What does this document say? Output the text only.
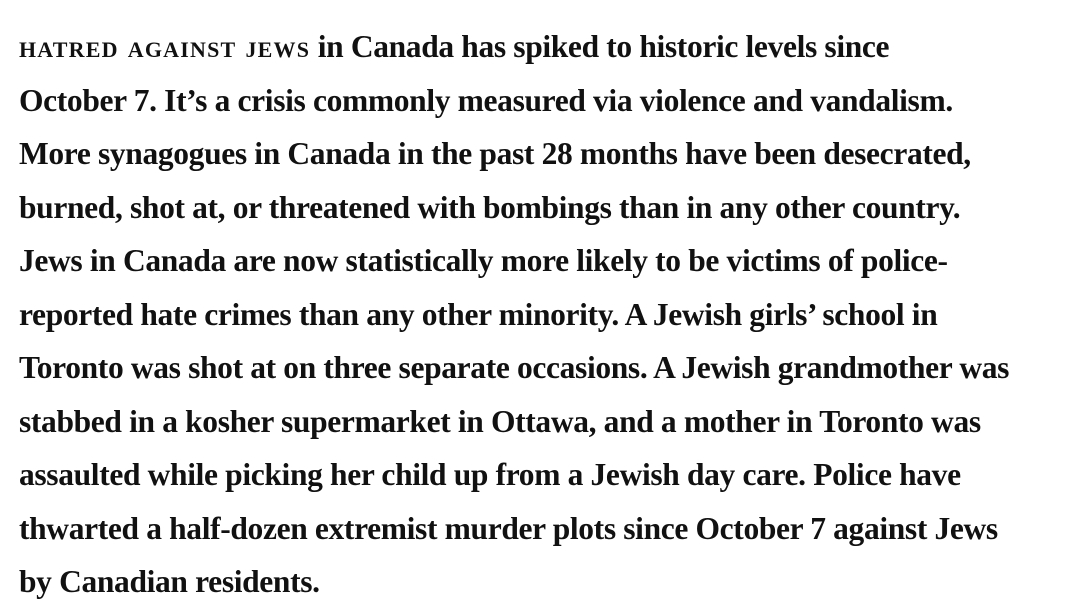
hatred against jews in Canada has spiked to historic levels since
October 7. It’s a crisis commonly measured via violence and vandalism.
More synagogues in Canada in the past 28 months have been desecrated,
burned, shot at, or threatened with bombings than in any other country.
Jews in Canada are now statistically more likely to be victims of police-
reported hate crimes than any other minority. A Jewish girls’ school in
Toronto was shot at on three separate occasions. A Jewish grandmother was
stabbed in a kosher supermarket in Ottawa, and a mother in Toronto was
assaulted while picking her child up from a Jewish day care. Police have
thwarted a half-dozen extremist murder plots since October 7 against Jews
by Canadian residents.
